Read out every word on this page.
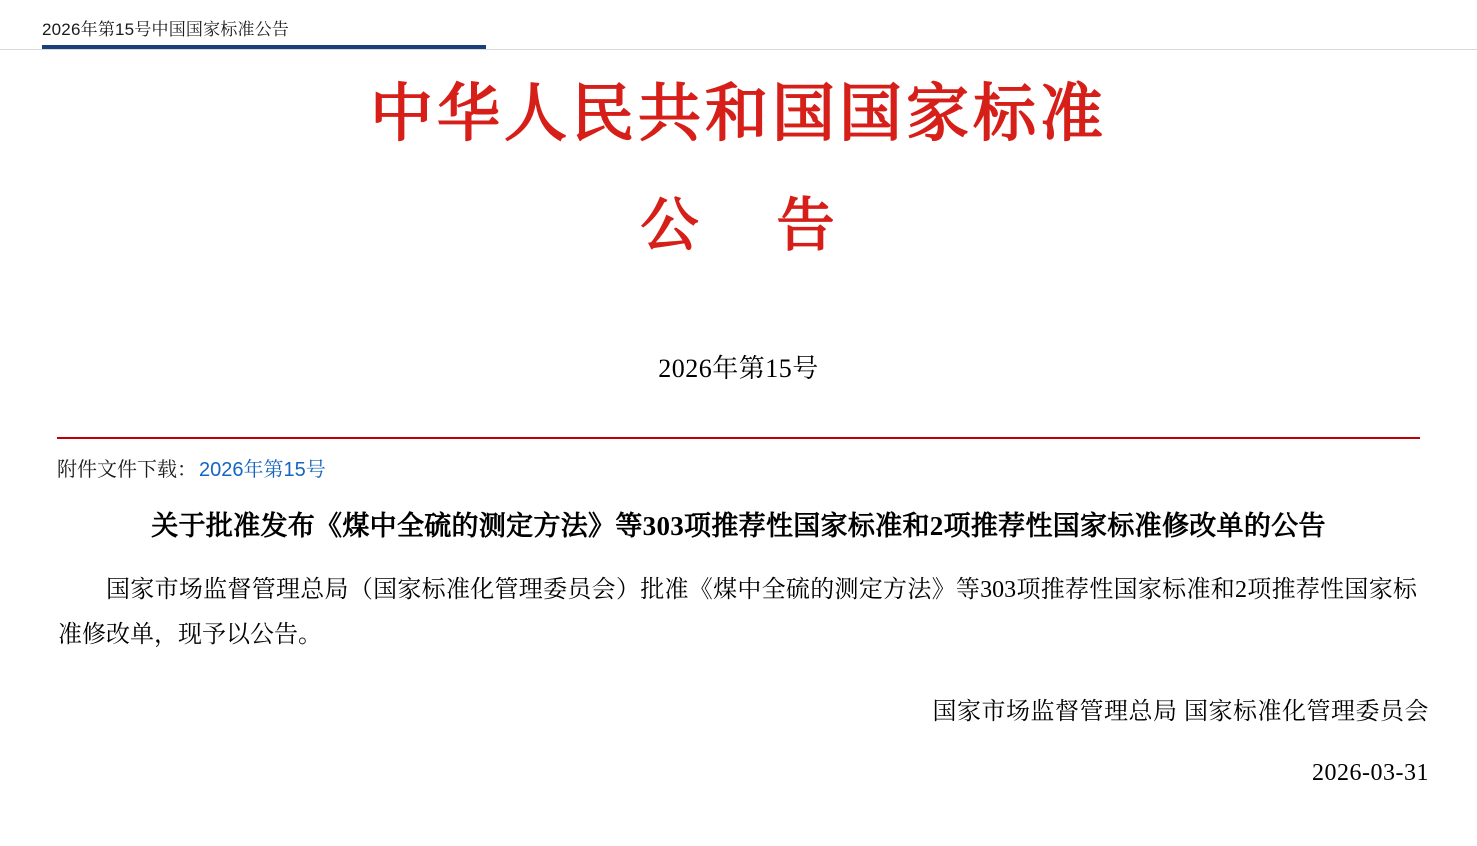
2026年第15号中国国家标准公告
中华人民共和国国家标准
公 告
2026年第15号
附件文件下载： 2026年第15号
关于批准发布《煤中全硫的测定方法》等303项推荐性国家标准和2项推荐性国家标准修改单的公告
国家市场监督管理总局（国家标准化管理委员会）批准《煤中全硫的测定方法》等303项推荐性国家标准和2项推荐性国家标准修改单，现予以公告。
国家市场监督管理总局 国家标准化管理委员会
2026-03-31
